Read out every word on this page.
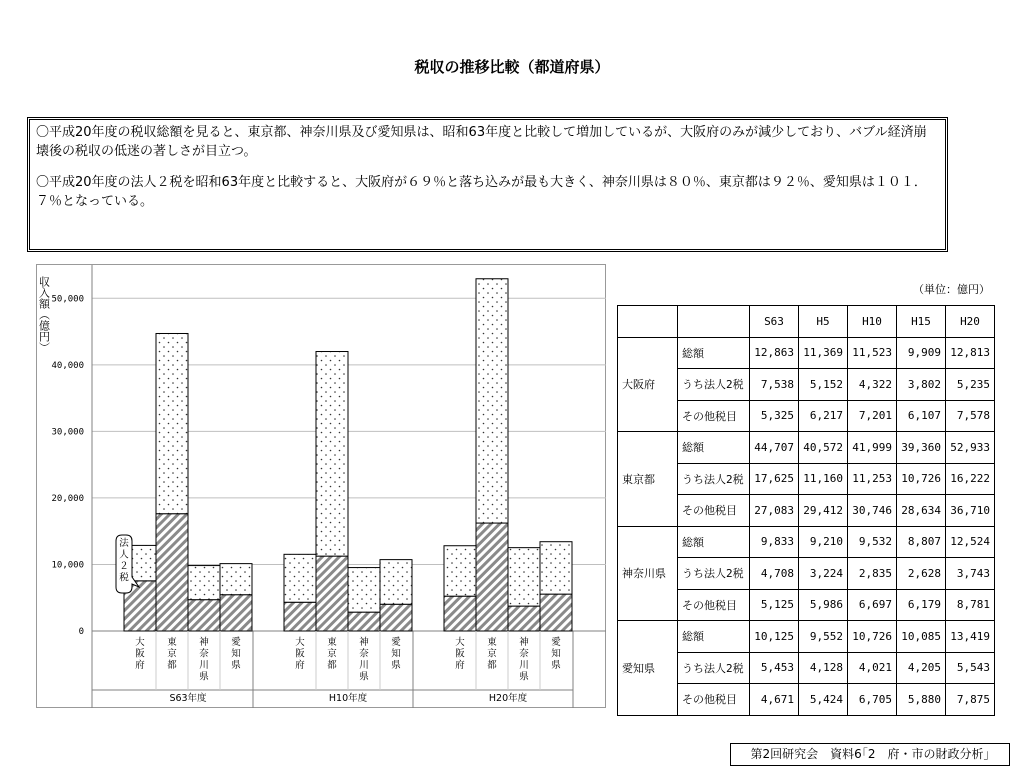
税収の推移比較（都道府県）

〇平成20年度の税収総額を見ると、東京都、神奈川県及び愛知県は、昭和63年度と比較して増加しているが、大阪府のみが減少しており、バブル経済崩壊後の税収の低迷の著しさが目立つ。

〇平成20年度の法人２税を昭和63年度と比較すると、大阪府が６９％と落ち込みが最も大きく、神奈川県は８０％、東京都は９２％、愛知県は１０１．７％となっている。

0
10,000
20,000
30,000
40,000
50,000
収入額（億円）
大
阪
府
東
京
都
神
奈
川
県
愛
知
県
S63年度
大
阪
府
東
京
都
神
奈
川
県
愛
知
県
H10年度
大
阪
府
東
京
都
神
奈
川
県
愛
知
県
H20年度
法
人
２
税
（単位：億円）
		S63	H5	H10	H15	H20
大阪府	総額	12,863	11,369	11,523	9,909	12,813
	うち法人2税	7,538	5,152	4,322	3,802	5,235
	その他税目	5,325	6,217	7,201	6,107	7,578
東京都	総額	44,707	40,572	41,999	39,360	52,933
	うち法人2税	17,625	11,160	11,253	10,726	16,222
	その他税目	27,083	29,412	30,746	28,634	36,710
神奈川県	総額	9,833	9,210	9,532	8,807	12,524
	うち法人2税	4,708	3,224	2,835	2,628	3,743
	その他税目	5,125	5,986	6,697	6,179	8,781
愛知県	総額	10,125	9,552	10,726	10,085	13,419
	うち法人2税	5,453	4,128	4,021	4,205	5,543
	その他税目	4,671	5,424	6,705	5,880	7,875
第2回研究会　資料6｢2　府・市の財政分析｣
